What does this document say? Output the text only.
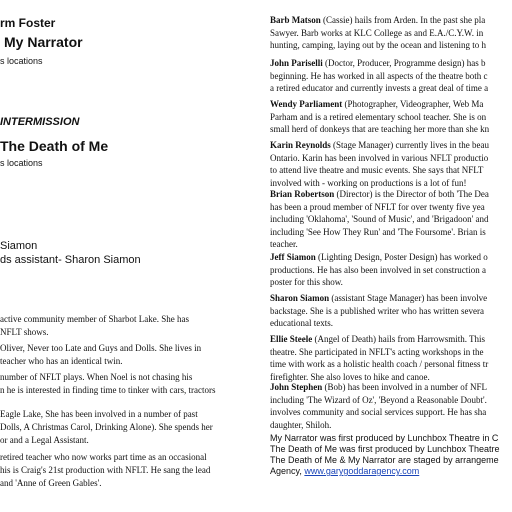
rm Foster
My Narrator
s locations
INTERMISSION
The Death of Me
s locations
Siamon
ds assistant- Sharon Siamon
active community member of Sharbot Lake. She has
NFLT shows.
Oliver, Never too Late and Guys and Dolls. She lives in
teacher who has an identical twin.
number of NFLT plays. When Noel is not chasing his
n he is interested in finding time to tinker with cars, tractors
Eagle Lake, She has been involved in a number of past
Dolls, A Christmas Carol, Drinking Alone). She spends her
or and a Legal Assistant.
retired teacher who now works part time as an occasional
his is Craig's 21st production with NFLT. He sang the lead
and 'Anne of Green Gables'.
Barb Matson (Cassie) hails from Arden. In the past she pla
Sawyer. Barb works at KLC College as and E.A./C.Y.W. in
hunting, camping, laying out by the ocean and listening to h
John Pariselli (Doctor, Producer, Programme design) has b
beginning. He has worked in all aspects of the theatre both c
a retired educator and currently invests a great deal of time a
Wendy Parliament (Photographer, Videographer, Web Ma
Parham and is a retired elementary school teacher. She is on
small herd of donkeys that are teaching her more than she kn
Karin Reynolds (Stage Manager) currently lives in the beau
Ontario. Karin has been involved in various NFLT productio
to attend live theatre and music events. She says that NFLT
involved with - working on productions is a lot of fun!
Brian Robertson (Director) is the Director of both 'The Dea
has been a proud member of NFLT for over twenty five yea
including 'Oklahoma', 'Sound of Music', and 'Brigadoon' and
including 'See How They Run' and 'The Foursome'. Brian is
teacher.
Jeff Siamon (Lighting Design, Poster Design) has worked o
productions. He has also been involved in set construction a
poster for this show.
Sharon Siamon (assistant Stage Manager) has been involve
backstage. She is a published writer who has written severa
educational texts.
Ellie Steele (Angel of Death) hails from Harrowsmith. This
theatre. She participated in NFLT's acting workshops in the
time with work as a holistic health coach / personal fitness tr
firefighter. She also loves to hike and canoe.
John Stephen (Bob) has been involved in a number of NFL
including 'The Wizard of Oz', 'Beyond a Reasonable Doubt'.
involves community and social services support. He has sha
daughter, Shiloh.
My Narrator was first produced by Lunchbox Theatre in C
The Death of Me was first produced by Lunchbox Theatre
The Death of Me & My Narrator are staged by arrangeme
Agency, www.garygoddaragency.com
